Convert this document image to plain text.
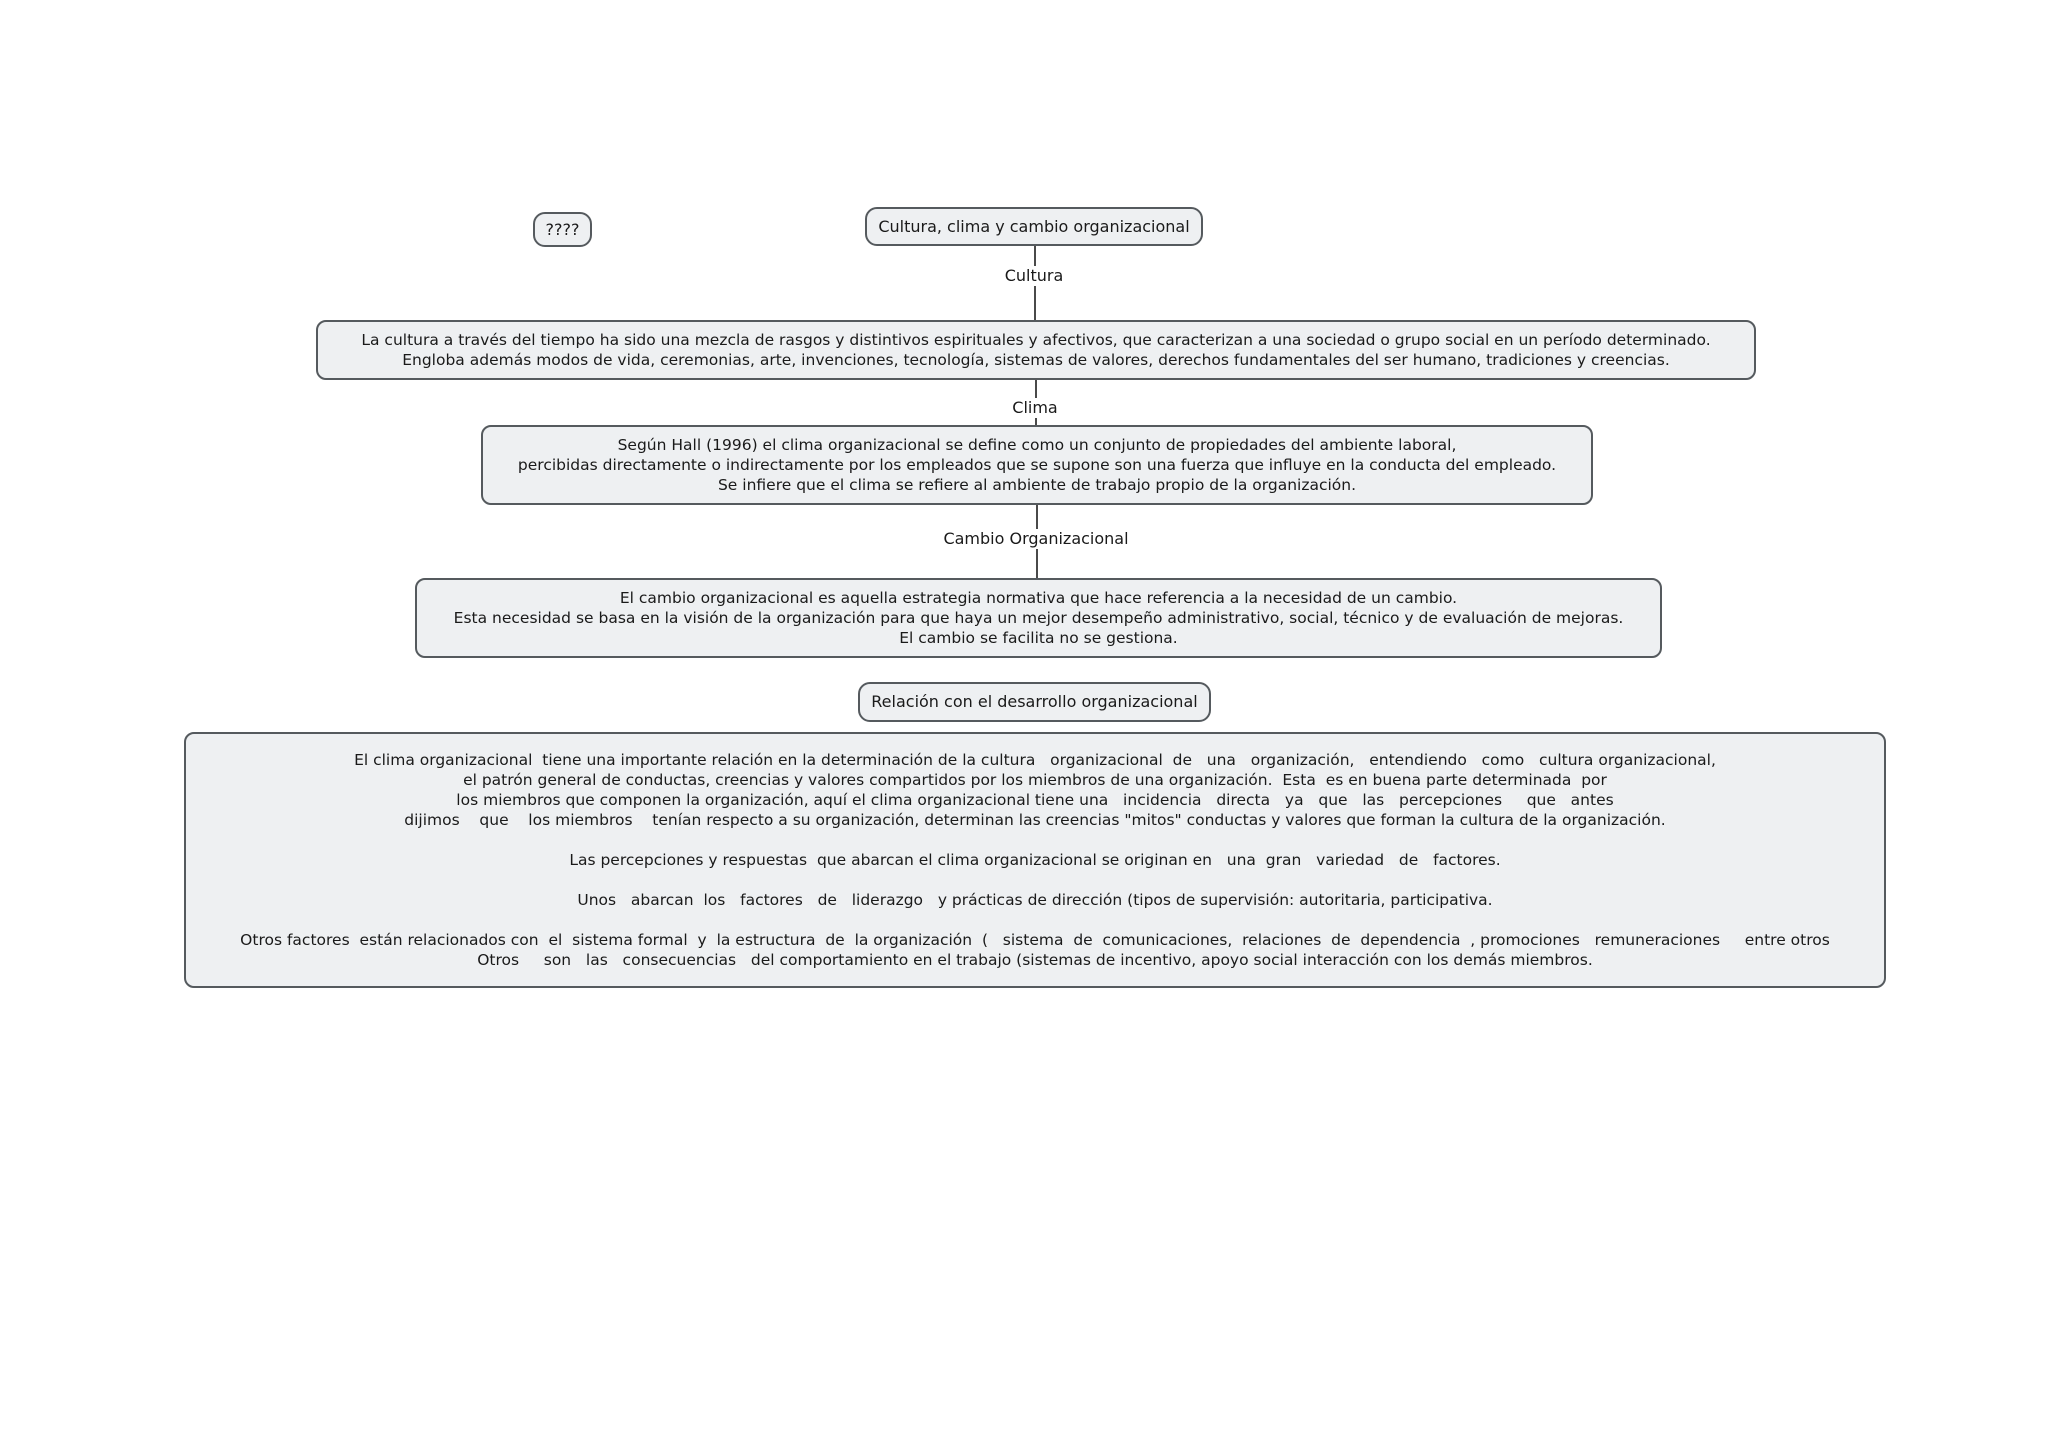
Cultura
Clima
Cambio Organizacional
????	Cultura, clima y cambio organizacional
La cultura a través del tiempo ha sido una mezcla de rasgos y distintivos espirituales y afectivos, que caracterizan a una sociedad o grupo social en un período determinado.
Engloba además modos de vida, ceremonias, arte, invenciones, tecnología, sistemas de valores, derechos fundamentales del ser humano, tradiciones y creencias.
Según Hall (1996) el clima organizacional se define como un conjunto de propiedades del ambiente laboral,
percibidas directamente o indirectamente por los empleados que se supone son una fuerza que influye en la conducta del empleado.
Se infiere que el clima se refiere al ambiente de trabajo propio de la organización.
El cambio organizacional es aquella estrategia normativa que hace referencia a la necesidad de un cambio.
Esta necesidad se basa en la visión de la organización para que haya un mejor desempeño administrativo, social, técnico y de evaluación de mejoras.
El cambio se facilita no se gestiona.
Relación con el desarrollo organizacional
El clima organizacional  tiene una importante relación en la determinación de la cultura   organizacional  de   una   organización,   entendiendo   como   cultura organizacional,
el patrón general de conductas, creencias y valores compartidos por los miembros de una organización.  Esta  es en buena parte determinada  por
los miembros que componen la organización, aquí el clima organizacional tiene una   incidencia   directa   ya   que   las   percepciones     que   antes
dijimos    que    los miembros    tenían respecto a su organización, determinan las creencias "mitos" conductas y valores que forman la cultura de la organización.
Las percepciones y respuestas  que abarcan el clima organizacional se originan en   una  gran   variedad   de   factores.
Unos   abarcan  los   factores   de   liderazgo   y prácticas de dirección (tipos de supervisión: autoritaria, participativa.
Otros factores  están relacionados con  el  sistema formal  y  la estructura  de  la organización  (   sistema  de  comunicaciones,  relaciones  de  dependencia  , promociones   remuneraciones     entre otros
Otros     son   las   consecuencias   del comportamiento en el trabajo (sistemas de incentivo, apoyo social interacción con los demás miembros.
